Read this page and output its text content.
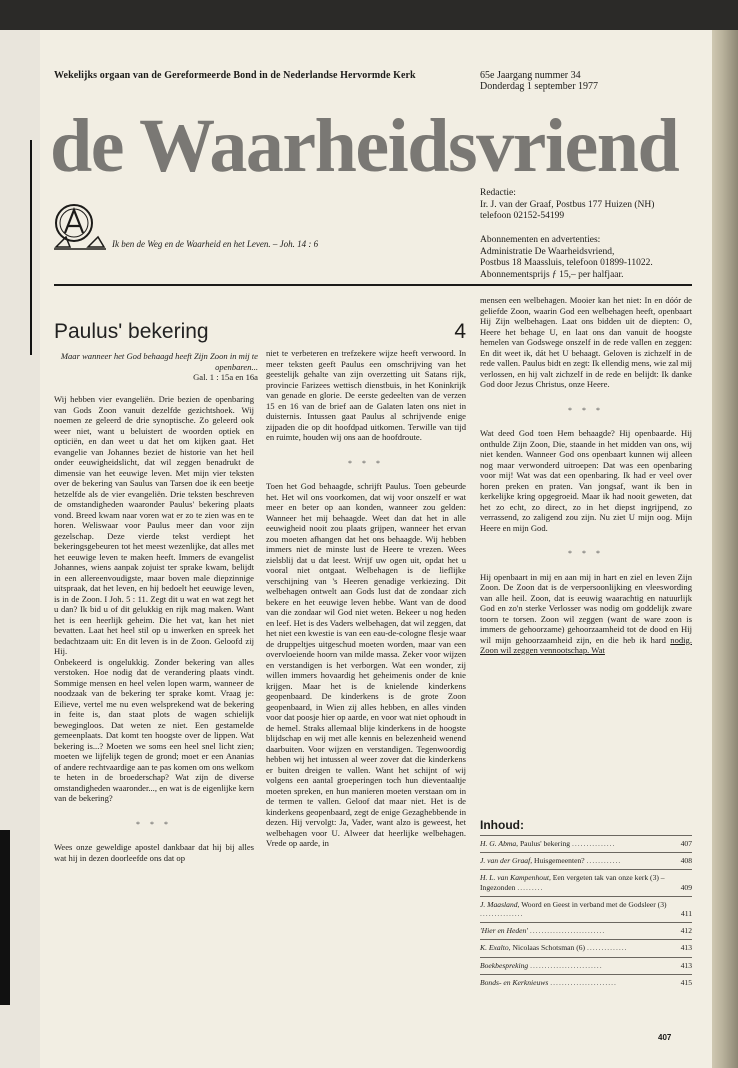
Wekelijks orgaan van de Gereformeerde Bond in de Nederlandse Hervormde Kerk	65e Jaargang nummer 34
Donderdag 1 september 1977
de Waarheidsvriend
Ik ben de Weg en de Waarheid en het Leven. – Joh. 14 : 6
Redactie:
Ir. J. van der Graaf, Postbus 177 Huizen (NH)
telefoon 02152-54199
Abonnementen en advertenties:
Administratie De Waarheidsvriend,
Postbus 18 Maassluis, telefoon 01899-11022.
Abonnementsprijs ƒ 15,– per halfjaar.
Paulus' bekering	4
Maar wanneer het God behaagd heeft Zijn Zoon in mij te openbaren...
Gal. 1 : 15a en 16a

Wij hebben vier evangeliën. Drie bezien de openbaring van Gods Zoon vanuit dezelfde gezichtshoek. Wij noemen ze geleerd de drie synoptische. Zo geleerd ook weer niet, want u beluistert de woorden optiek en opticiën, en dan weet u dat het om kijken gaat. Het evangelie van Johannes beziet de historie van het heil onder eeuwigheidslicht, dat wil zeggen benadrukt de dimensie van het eeuwige leven. Met mijn vier teksten over de bekering van Saulus van Tarsen doe ik een beetje hetzelfde als de vier evangeliën. Drie teksten beschreven de omstandigheden waaronder Paulus' bekering plaats vond. Breed kwam naar voren wat er zo te zien was en te horen. Weliswaar voor Paulus meer dan voor zijn gezelschap. Deze vierde tekst verdiept het bekeringsgebeuren tot het meest wezenlijke, dat alles met het eeuwige leven te maken heeft. Immers de evangelist Johannes, wiens aanpak zojuist ter sprake kwam, belijdt in een allereenvoudigste, maar boven male diepzinnige uitspraak, dat het leven, en hij bedoelt het eeuwige leven, is in de Zoon. I Joh. 5 : 11. Zegt dit u wat en wat zegt het u dan? Ik bid u of dit gelukkig en rijk mag maken. Want het is een heerlijk geheim. Die het vat, kan het niet bevatten. Laat het heel stil op u inwerken en spreek het bedachtzaam uit: En dit leven is in de Zoon. Geloofd zij Hij.

Onbekeerd is ongelukkig. Zonder bekering van alles verstoken. Hoe nodig dat de verandering plaats vindt. Sommige mensen en heel velen lopen warm, wanneer de noodzaak van de bekering ter sprake komt. Vraag je: Eilieve, vertel me nu even welsprekend wat de bekering in feite is, dan staat plots de wagen schielijk bewegingloos. Dat weten ze niet. Een gestamelde gemeenplaats. Dat komt ten hoogste over de lippen. Wat bekering is...? Moeten we soms een heel snel licht zien; moeten we lijfelijk tegen de grond; moet er een Ananias of andere rechtvaardige aan te pas komen om ons welkom te heten in de broederschap? Wat zijn de diverse omstandigheden waaronder..., en wat is de eigenlijke kern van de bekering?

* * *

Wees onze geweldige apostel dankbaar dat hij bij alles wat hij in dezen doorleefde ons dat op

niet te verbeteren en trefzekere wijze heeft verwoord. In meer teksten geeft Paulus een omschrijving van het geestelijk gehalte van zijn overzetting uit Satans rijk, provincie Farizees wettisch dienstbuis, in het Koninkrijk van genade en glorie. De eerste gedeelten van de verzen 15 en 16 van de brief aan de Galaten laten ons niet in duisternis. Intussen gaat Paulus al schrijvende enige zijpaden die op dit hoofdpad uitkomen. Terwille van tijd en ruimte, houden wij ons aan de hoofdroute.

* * *

Toen het God behaagde, schrijft Paulus. Toen gebeurde het. Het wil ons voorkomen, dat wij voor onszelf er wat meer en beter op aan konden, wanneer zou gelden: Wanneer het mij behaagde. Weet dan dat het in alle eeuwigheid nooit zou plaats grijpen, wanneer het ervan zou moeten afhangen dat het ons behaagde. Wij hebben immers niet de minste lust de Heere te vrezen. Wees zielsblij dat u dat leest. Wrijf uw ogen uit, opdat het u vooral niet ontgaat. Welbehagen is de lieflijke verschijning van 's Heeren genadige verkiezing. Dit welbehagen ontwelt aan Gods lust dat de zondaar zich bekere en het eeuwige leven hebbe. Want van de dood van die zondaar wil God niet weten. Bekeer u nog heden en leef. Het is des Vaders welbehagen, dat wil zeggen, dat het niet een kwestie is van een eau-de-cologne flesje waar de druppeltjes uitgeschud moeten worden, maar van een overvloeiende hoorn van milde massa. Zeker voor wijzen en verstandigen is het verborgen. Wat een wonder, zij willen immers hovaardig het geheimenis onder de knie krijgen. Maar het is de knielende kinderkens geopenbaard. De kinderkens is de grote Zoon geopenbaard, in Wien zij alles hebben, en alles vinden voor dat poosje hier op aarde, en voor wat niet ophoudt in de hemel. Straks allemaal blije kinderkens in de hoogste blijdschap en wij met alle kennis en belezenheid wenend daarbuiten. Voor wijzen en verstandigen. Tegenwoordig hebben wij het intussen al weer zover dat die kinderkens er buiten dreigen te vallen. Want het schijnt of wij volgens een aantal groeperingen toch hun dieventaaltje moeten spreken, en hun manieren moeten verstaan om in de termen te vallen. Geloof dat maar niet. Het is de kinderkens geopenbaard, zegt de enige Gezaghebbende in dezen. Hij vervolgt: Ja, Vader, want alzo is geweest, het welbehagen voor U. Alweer dat heerlijke welbehagen. Vrede op aarde, in

mensen een welbehagen. Mooier kan het niet: In en dóór de geliefde Zoon, waarin God een welbehagen heeft, openbaart Hij Zijn welbehagen. Laat ons bidden uit de diepten: O, Heere het behage U, en laat ons dan vanuit de hoogste hemelen van Godswege onszelf in de rede vallen en zeggen: En dit weet ik, dát het U behaagt. Geloven is zichzelf in de rede vallen. Paulus bidt en zegt: Ik ellendig mens, wie zal mij verlossen, en hij valt zichzelf in de rede en belijdt: Ik danke God door Jezus Christus, onze Heere.

* * *

Wat deed God toen Hem behaagde? Hij openbaarde. Hij onthulde Zijn Zoon, Die, staande in het midden van ons, wij niet kenden. Wanneer God ons openbaart kunnen wij alleen nog maar verwonderd uitroepen: Dat was een openbaring voor mij! Wat was dat een openbaring. Ik had er veel over horen preken en praten. Van jongsaf, want ik ben in kerkelijke kring opgegroeid. Maar ik had nooit geweten, dat het zo echt, zo direct, zo in het diepst ingrijpend, zo verrassend, zo zaligend zou zijn. Nu ziet U mijn oog. Mijn Heere en mijn God.

* * *

Hij openbaart in mij en aan mij in hart en ziel en leven Zijn Zoon. De Zoon dat is de verpersoonlijking en vleeswording van alle heil. Zoon, dat is eeuwig waarachtig en natuurlijk God en zo'n sterke Verlosser was nodig om goddelijk zware toorn te torsen. Zoon wil zeggen (want de ware zoon is immers de gehoorzame) gehoorzaamheid tot de dood en Hij wil mijn gehoorzaamheid zijn, en die heb ik hard nodig. Zoon wil zeggen vennootschap. Wat

Inhoud:
H. G. Abma, Paulus' bekering ...............	407
J. van der Graaf, Huisgemeenten? ............	408
H. L. van Kampenhout, Een vergeten tak van onze kerk (3) – Ingezonden .........	409
J. Maasland, Woord en Geest in verband met de Godsleer (3) ...............	411
'Hier en Heden' ..........................	412
K. Exalto, Nicolaas Schotsman (6) ..............	413
Boekbespreking .........................	413
Bonds- en Kerknieuws .......................	415
407
